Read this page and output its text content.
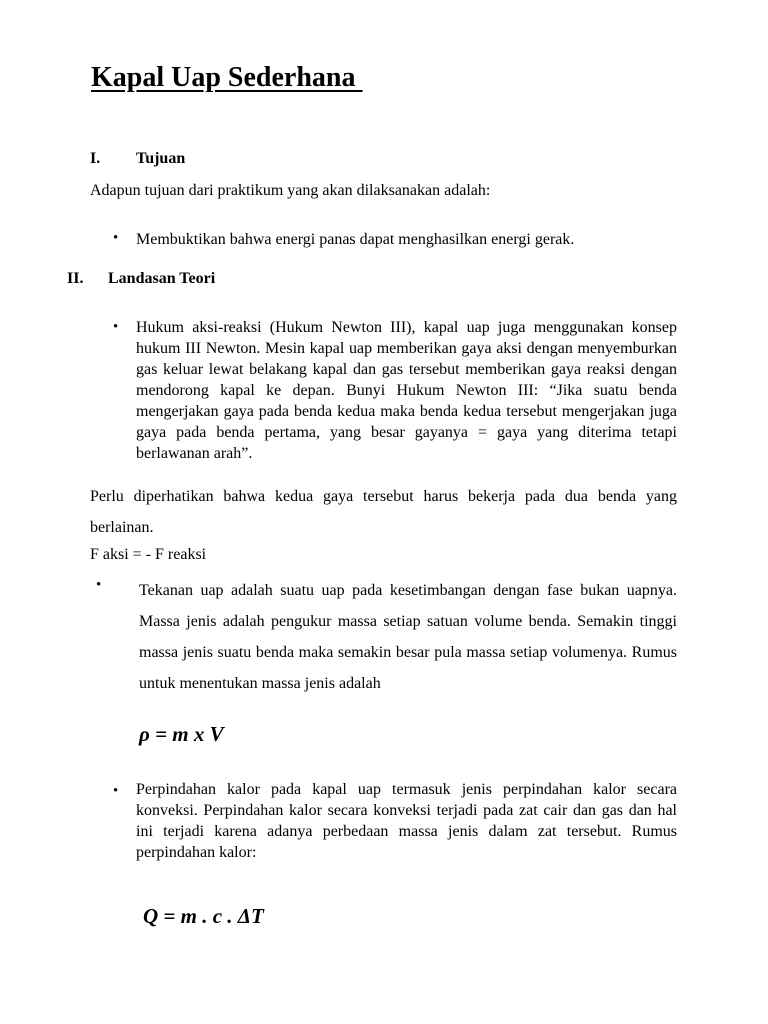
Kapal Uap Sederhana
I. Tujuan
Adapun tujuan dari praktikum yang akan dilaksanakan adalah:
• Membuktikan bahwa energi panas dapat menghasilkan energi gerak.
II. Landasan Teori
• Hukum aksi-reaksi (Hukum Newton III), kapal uap juga menggunakan konsep hukum III Newton. Mesin kapal uap memberikan gaya aksi dengan menyemburkan gas keluar lewat belakang kapal dan gas tersebut memberikan gaya reaksi dengan mendorong kapal ke depan. Bunyi Hukum Newton III: “Jika suatu benda mengerjakan gaya pada benda kedua maka benda kedua tersebut mengerjakan juga gaya pada benda pertama, yang besar gayanya = gaya yang diterima tetapi berlawanan arah”.
Perlu diperhatikan bahwa kedua gaya tersebut harus bekerja pada dua benda yang berlainan.
F aksi = - F reaksi
• Tekanan uap adalah suatu uap pada kesetimbangan dengan fase bukan uapnya. Massa jenis adalah pengukur massa setiap satuan volume benda. Semakin tinggi massa jenis suatu benda maka semakin besar pula massa setiap volumenya. Rumus untuk menentukan massa jenis adalah
ρ = m x V
• Perpindahan kalor pada kapal uap termasuk jenis perpindahan kalor secara konveksi. Perpindahan kalor secara konveksi terjadi pada zat cair dan gas dan hal ini terjadi karena adanya perbedaan massa jenis dalam zat tersebut. Rumus perpindahan kalor:
Q = m . c . ΔT
